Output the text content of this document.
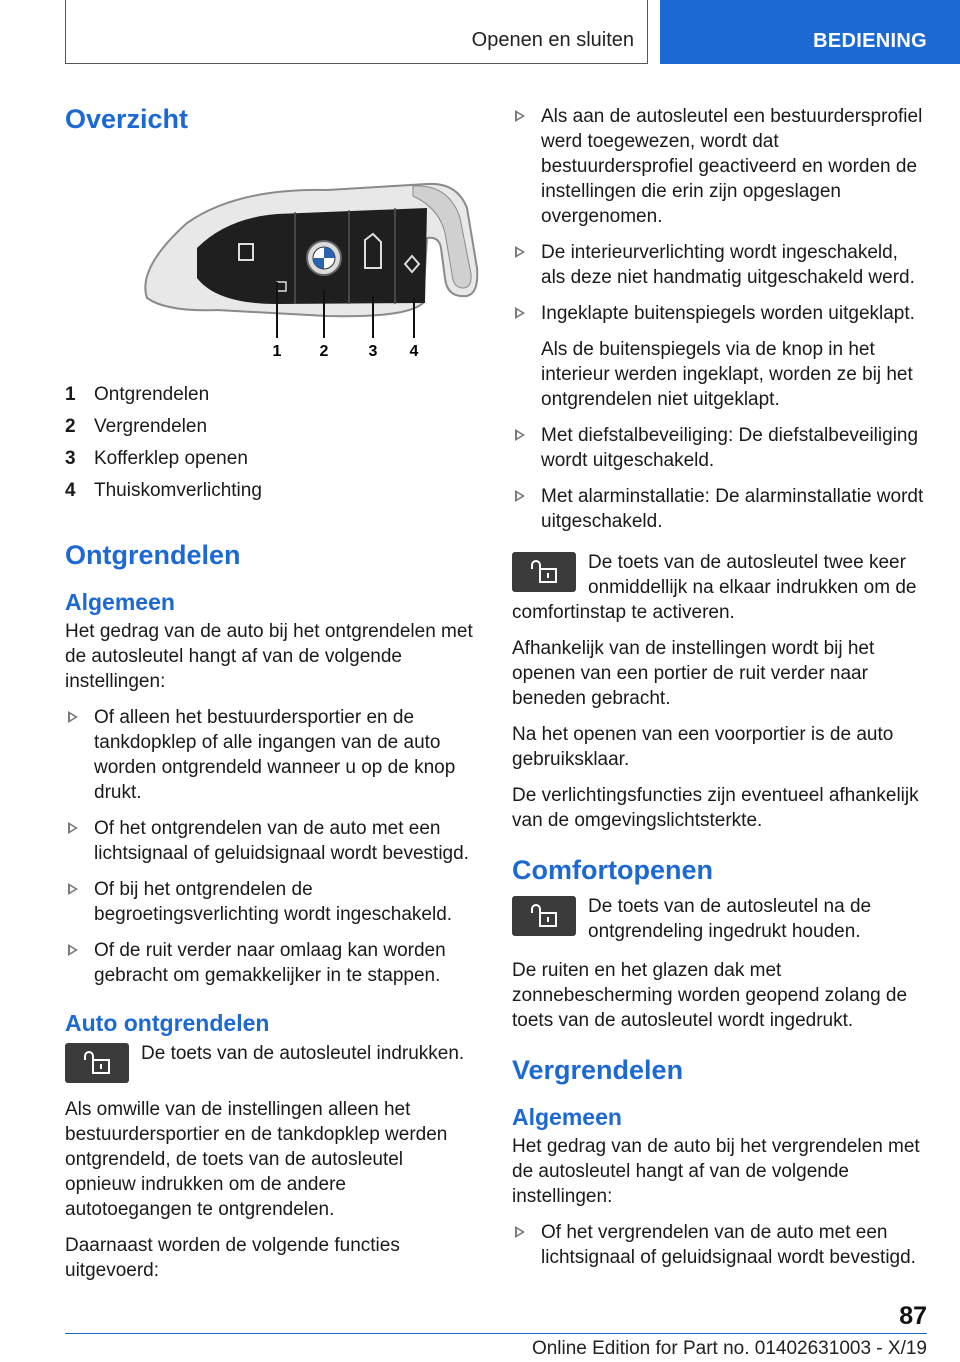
Openen en sluiten	BEDIENING
Overzicht
1 2	3 4
1 Ontgrendelen
2 Vergrendelen
3 Kofferklep openen
4 Thuiskomverlichting
Ontgrendelen
Algemeen

Het gedrag van de auto bij het ontgrendelen met de autosleutel hangt af van de volgende instellingen:

Of alleen het bestuurdersportier en de tankdopklep of alle ingangen van de auto worden ontgrendeld wanneer u op de knop drukt.
Of het ontgrendelen van de auto met een lichtsignaal of geluidsignaal wordt bevestigd.
Of bij het ontgrendelen de begroetingsverlichting wordt ingeschakeld.
Of de ruit verder naar omlaag kan worden gebracht om gemakkelijker in te stappen.
Auto ontgrendelen

De toets van de autosleutel indrukken.

Als omwille van de instellingen alleen het bestuurdersportier en de tankdopklep werden ontgrendeld, de toets van de autosleutel opnieuw indrukken om de andere autotoegangen te ontgrendelen.

Daarnaast worden de volgende functies uitgevoerd:

Als aan de autosleutel een bestuurdersprofiel werd toegewezen, wordt dat bestuurdersprofiel geactiveerd en worden de instellingen die erin zijn opgeslagen overgenomen.
De interieurverlichting wordt ingeschakeld, als deze niet handmatig uitgeschakeld werd.
Ingeklapte buitenspiegels worden uitgeklapt.
Als de buitenspiegels via de knop in het interieur werden ingeklapt, worden ze bij het ontgrendelen niet uitgeklapt.
Met diefstalbeveiliging: De diefstalbeveiliging wordt uitgeschakeld.
Met alarminstallatie: De alarminstallatie wordt uitgeschakeld.
De toets van de autosleutel twee keer onmiddellijk na elkaar indrukken om de comfortinstap te activeren.

Afhankelijk van de instellingen wordt bij het openen van een portier de ruit verder naar beneden gebracht.

Na het openen van een voorportier is de auto gebruiksklaar.

De verlichtingsfuncties zijn eventueel afhankelijk van de omgevingslichtsterkte.

Comfortopenen

De toets van de autosleutel na de ontgrendeling ingedrukt houden.

De ruiten en het glazen dak met zonnebescherming worden geopend zolang de toets van de autosleutel wordt ingedrukt.

Vergrendelen
Algemeen

Het gedrag van de auto bij het vergrendelen met de autosleutel hangt af van de volgende instellingen:

Of het vergrendelen van de auto met een lichtsignaal of geluidsignaal wordt bevestigd.
87
Online Edition for Part no. 01402631003 - X/19
